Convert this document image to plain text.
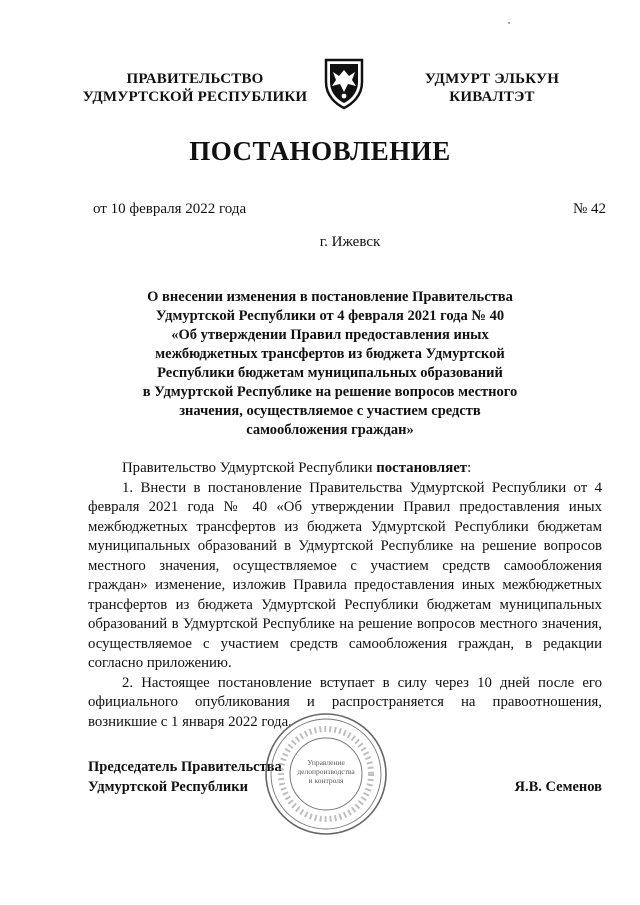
ПРАВИТЕЛЬСТВО
УДМУРТСКОЙ РЕСПУБЛИКИ
УДМУРТ ЭЛЬКУН
КИВАЛТЭТ
ПОСТАНОВЛЕНИЕ
от 10 февраля 2022 года	№ 42
г. Ижевск
О внесении изменения в постановление Правительства
Удмуртской Республики от 4 февраля 2021 года № 40
«Об утверждении Правил предоставления иных
межбюджетных трансфертов из бюджета Удмуртской
Республики бюджетам муниципальных образований
в Удмуртской Республике на решение вопросов местного
значения, осуществляемое с участием средств
самообложения граждан»

Правительство Удмуртской Республики постановляет:

1. Внести в постановление Правительства Удмуртской Республики от 4 февраля 2021 года № 40 «Об утверждении Правил предоставления иных межбюджетных трансфертов из бюджета Удмуртской Республики бюджетам муниципальных образований в Удмуртской Республике на решение вопросов местного значения, осуществляемое с участием средств самообложения граждан» изменение, изложив Правила предоставления иных межбюджетных трансфертов из бюджета Удмуртской Республики бюджетам муниципальных образований в Удмуртской Республике на решение вопросов местного значения, осуществляемое с участием средств самообложения граждан, в редакции согласно приложению.

2. Настоящее постановление вступает в силу через 10 дней после его официального опубликования и распространяется на правоотношения, возникшие с 1 января 2022 года.

Председатель Правительства
Удмуртской Республики	Я.В. Семенов
Управление
делопроизводства
и контроля
